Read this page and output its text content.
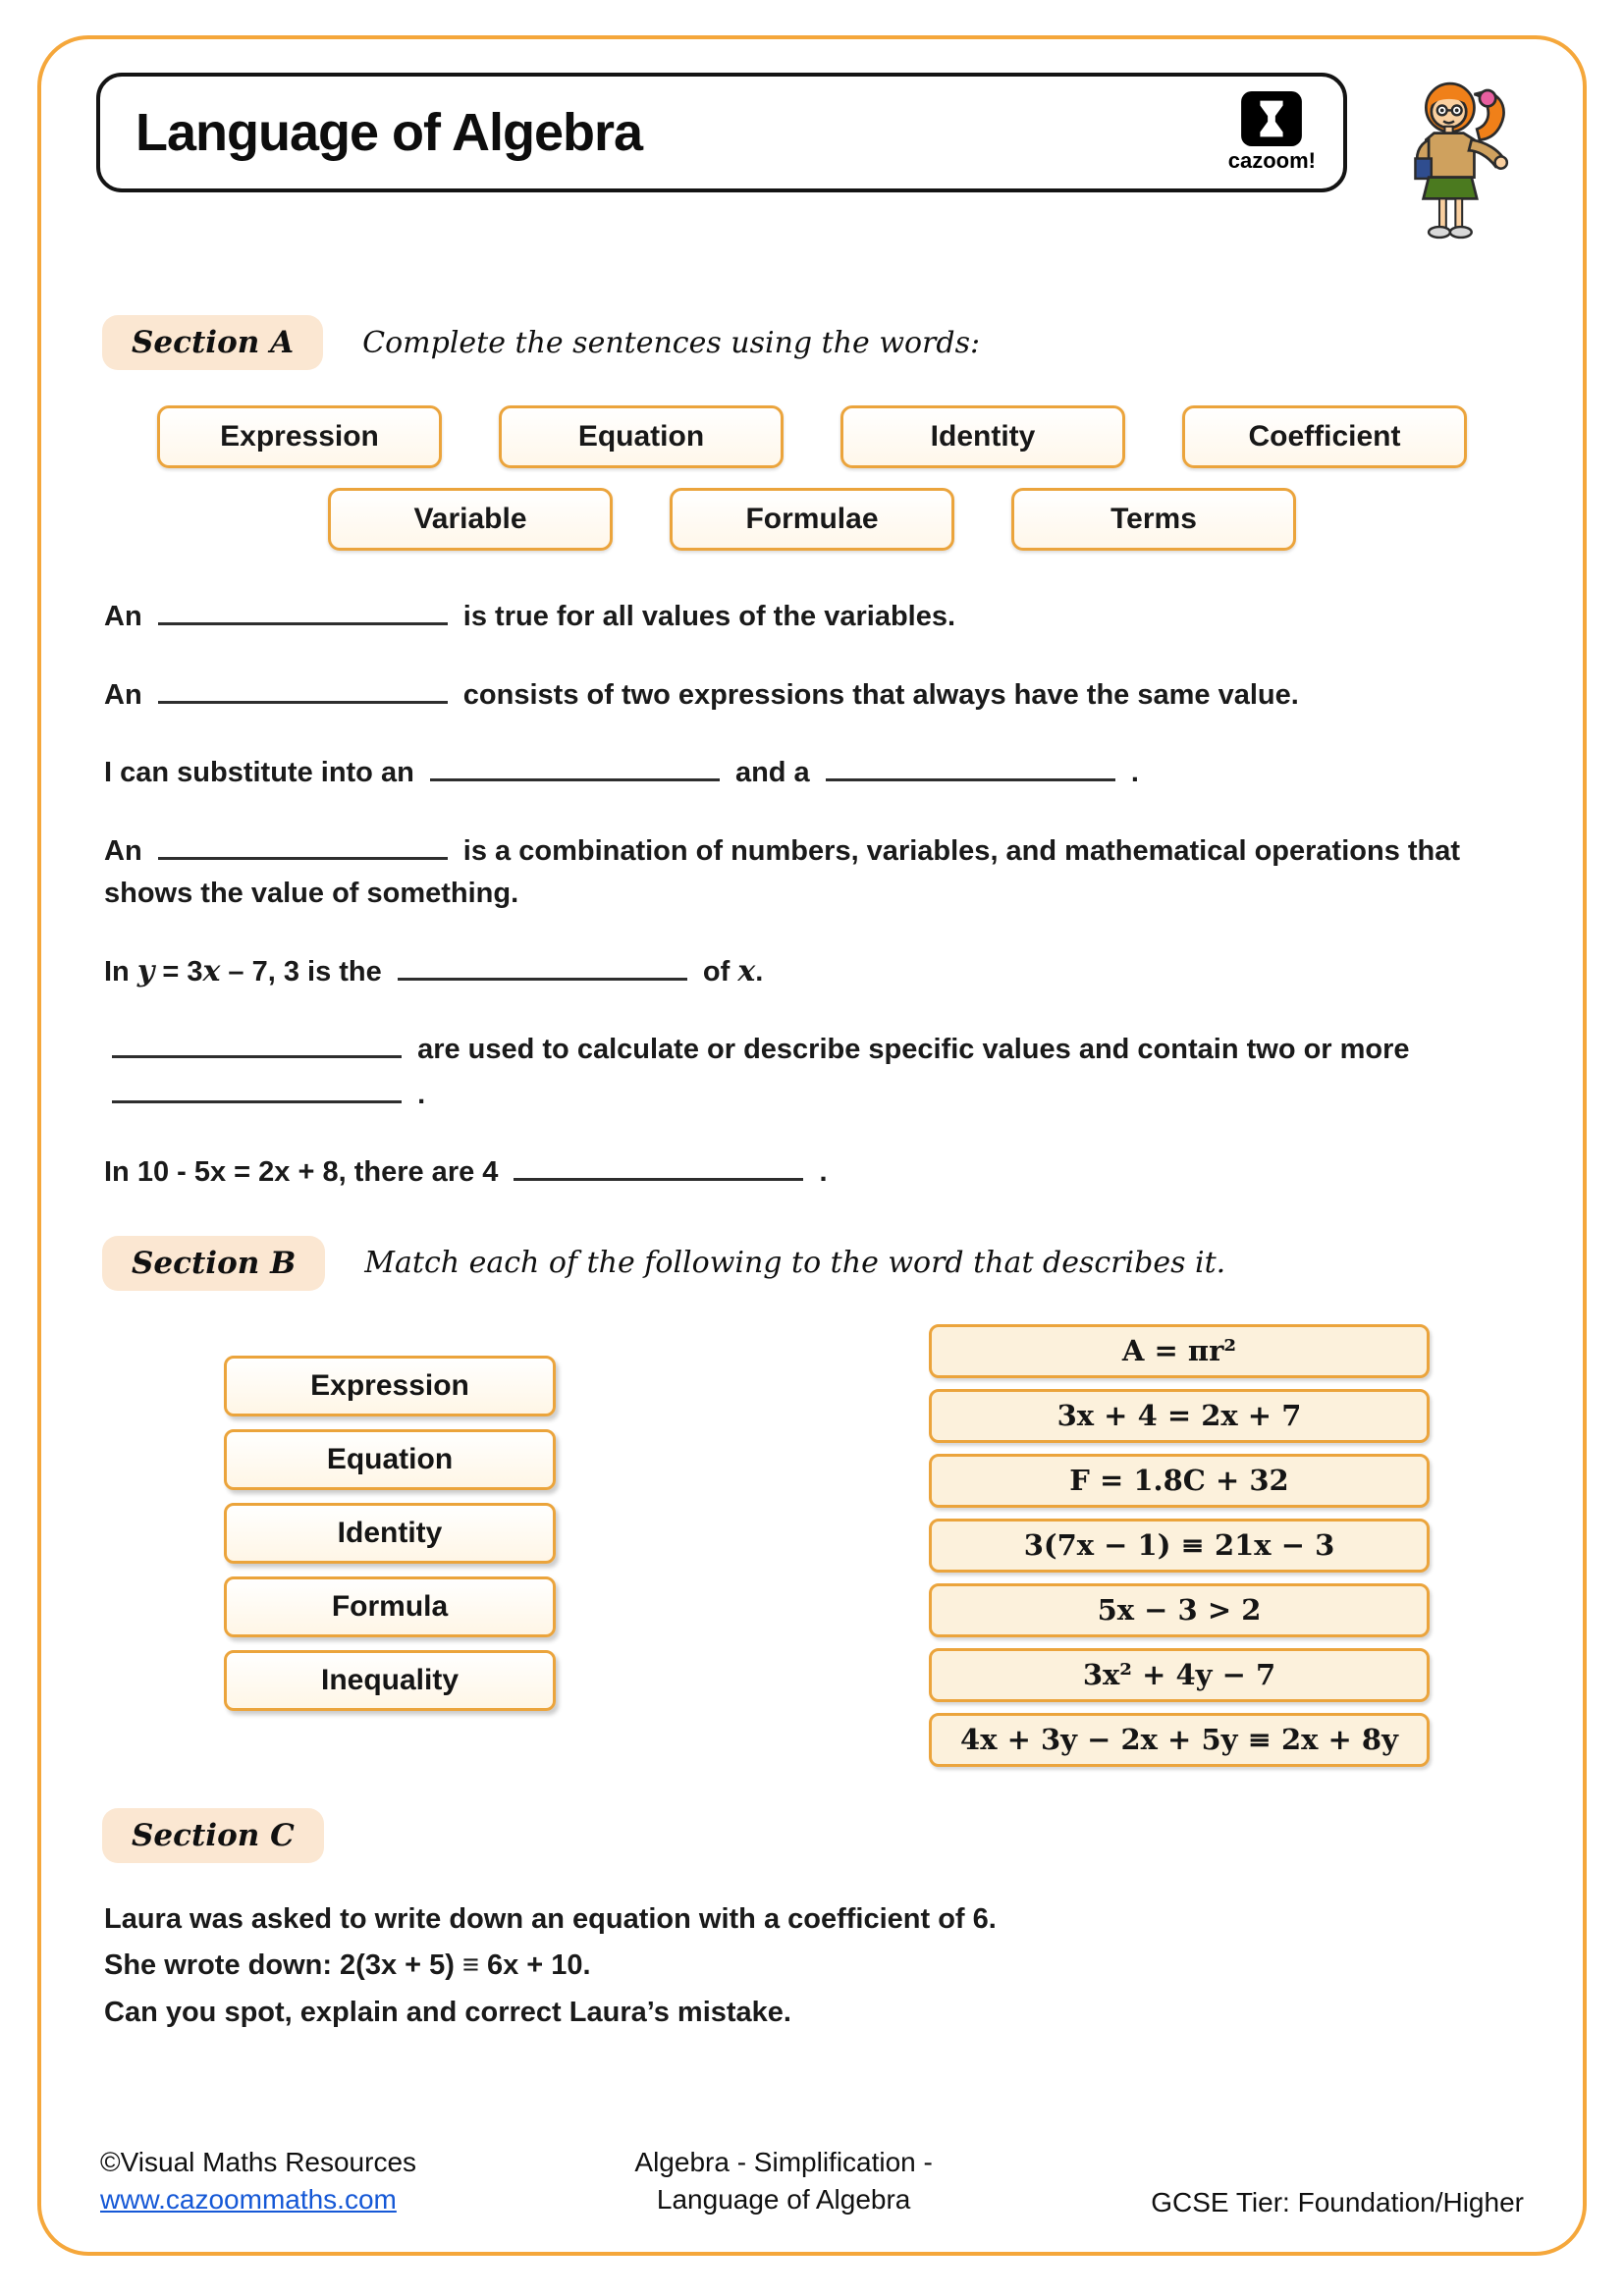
Language of Algebra	cazoom!
Section A	Complete the sentences using the words:
Expression	Equation	Identity	Coefficient
Variable	Formulae	Terms

An	is true for all values of the variables.

An	consists of two expressions that always have the same value.

I can substitute into an	and a	.

An	is a combination of numbers, variables, and mathematical operations that shows the value of something.

In y = 3x – 7, 3 is the	of x.

are used to calculate or describe specific values and contain two or more
.

In 10 - 5x = 2x + 8, there are 4	.

Section B	Match each of the following to the word that describes it.
Expression
Equation
Identity
Formula
Inequality
A = πr²
3x + 4 = 2x + 7
F = 1.8C + 32
3(7x − 1) ≡ 21x − 3
5x − 3 > 2
3x² + 4y − 7
4x + 3y − 2x + 5y ≡ 2x + 8y
Section C

Laura was asked to write down an equation with a coefficient of 6.

She wrote down: 2(3x + 5) ≡ 6x + 10.

Can you spot, explain and correct Laura’s mistake.

©Visual Maths Resources
www.cazoommaths.com
Algebra - Simplification -
Language of Algebra	GCSE Tier: Foundation/Higher
